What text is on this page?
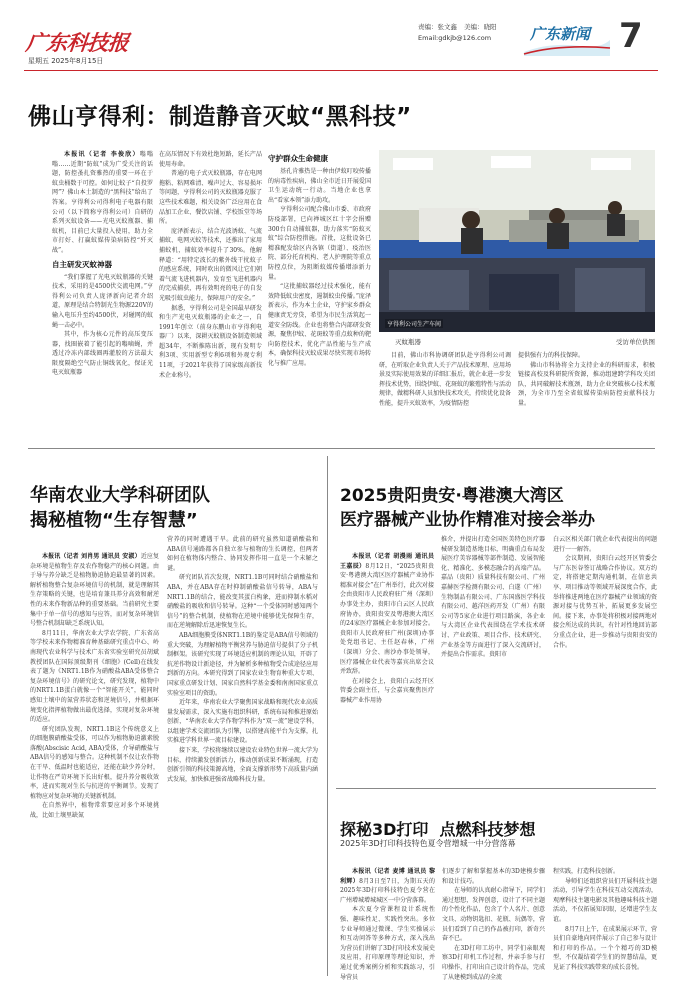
广东科技报
星期五 2025年8月15日
责编：张文鑫 美编：晓阳
Email:gdkjb@126.com	广东新闻 7
佛山亨得利：制造静音灭蚊“黑科技”

本报讯（记者 李俊欣）嗡嗡嗡……近期“防蚊”成为广受关注的话题，防控蚤扎资雅热的重要一环在于蚊虫桶数于可控。如何让蚊子“自投罗网”？佛山本土制造的“黑科技”给出了答案。亨得利公司得利电子电器有限公司（以下简称亨得利公司）自研的系列灭蚊设备——光电灭蚊瓶器、捕蚊机，目前已大量投入使用，助力全市打好、打赢蚊媒传染病防控“歼灭战”。

自主研发灭蚊神器

“我们掌握了光电灭蚊瓶器的关键技术，采用的是4500伏交流电网。”亨得利公司负责人庞泽新向记者介绍道，原理是结合特制光生物源220V的输入电压升至约4500伏，对碰网的蚊蝇一击必中。

其中，作为核心元件的高压变压器，找圈嵌着了能引起的嗡嘀蝇，并透过冷冻内部线圈再灌胶的方法最大限度隔绝空气防止铜线氧化，保证光电灭蚊瓶器

在高压情况下有效杜绝短路，延长产品使用寿命。

普通的电子式灭蚊瓶器，存在电网拖粘、粘网难清、噪声过大、容易损坏等问题，亨得利公司的灭蚊瓶器克服了这些技术难题，相关设备广泛应用在食品加工企业、餐饮店铺、学校饭堂等场所。

庞泽新表示，结合光波诱蚊、气流捕蚊、电网灭蚊等技术，还推出了家用捕蚊机，捕蚊效率提升了30%。他解释道：“用特定波长的紫外线干扰蚊子的感应系统，同时吹出的微风让它们朝着气流飞进机器内，发育至飞进机器内的完成捕获，再有效明亮的电子的自发光吸引蚊虫能力，保障用户的安全。”

据悉，亨得利公司是全国最早研发和生产光电灭蚊瓶器的企业之一，自1991年创立（前身东鹏山市亨得利电器厂）以来，深耕灭蚊瓶设备制造领域超34年，不断推陈出新，现有发明专利3项、实用新型专利6项和外观专利11项，于2021年获得了国家级高新技术企业称号。

守护群众生命健康

基孔肯雅热是一种由伊蚊叮咬传播的病毒性疾病，佛山全市近日开展爱国卫生运动统一行动。当地企业也拿出“看家本领”添力助攻。

亨得利公司配合佛山市委、市政府防疫部署，已向禅城区红十字会捐赠300台自动捕蚊器，助力落实“防蚊灭蚊”综合防控措施。首批，这批设备已精准配发给区内各镇（街道）、疫治医院、部分托育机构、老人护理院等重点防控点位，为阻断蚊媒传播增添新力量。

“这批捕蚊器经过技术强化，能有效降低蚊虫密度，遏制蚊虫传播。”庞泽新表示，作为本土企业，守护家乡群众健康责无旁贷，希望为市民生活筑起一道安全防线。企业也将整合内部研发资源，聚焦伊蚊、花斑蚊等重点蚊种的靶向防控技术，优化产品性能与生产成本，确保科技灭蚊成果尽快实现市场转化与推广应用。

亨得利公司生产车间
灭蚊瓶器	受访单位供图

目前，佛山市科协调研团队赴亨得利公司调研，在听取企业负责人关于产品技术原理、应用场景及实际使用效果的详细汇报后，就企业进一步发挥技术优势，围绕伊蚊、花斑蚊的繁殖特性与活动规律，做精科研人员加快技术攻关，持续优化设备性能，提升灭蚊效率，为疫情防控

提供强有力的科技保障。

佛山市科协将全力支持企业的科研需求，积极链接高校及科研院所资源，推动组建跨学科攻关团队，共同破解技术瓶颈，助力企业突破核心技术瓶颈，为全市乃至全省蚊媒传染病防控贡献科技力量。

华南农业大学科研团队
揭秘植物“生存智慧”

本报讯（记者 刘肖男 通讯员 安淑）近应复杂环境是植物生存及农作物稳产的核心问题。由于导与养分缺乏是植物胁迫胁迫最显著的因素。解析植物整合复杂环境信号的机制，就是理解其生存策略的关键，也是培育兼具养分高效和耐逆性的未来作物新品种的重要基础。当前研究主要集中于单一信号的感知与应答，而对复杂环境信号整合机制却缺乏系统认知。

8月11日，华南农业大学农学院、广东省高等学校未来作物精准育种基础研究重点中心、岭南现代农业科学与技术广东省实验室研究员胡斌教授团队在国际顶级期刊《细胞》(Cell)在线发表了题为《NRT1.1B作为硝酸盐ABA受体整合复杂环境信号》的研究论文，研究发现，植物中的NRT1.1B蛋白就像一个“智能开关”，能同时感知土壤中的氮营养状态和逆境信号，并根据环境变化指挥植物做出最优选择，实现对复杂环境的适应。

研究团队发现，NRT1.1B这个传统意义上的细胞膜硝酸盐受体，可以作为植物胁迫激素脱落酸(Abscisic Acid, ABA)受体，介导硝酸盐与ABA信号的感知与整合。这种机制不仅让农作物在干旱、低温时也能适应，还能在缺少养分时，让作物在严苛环境下长出好根，提升养分吸收效率，进而实现对生长与抗逆的平衡调节。发现了植物应对复杂环境的关键新机制。

在自然界中，植物常常要应对多个环境挑战，比如土壤里缺氮

营养的同时遭遇干旱。此前的研究虽然知道硝酸盐和ABA信号通路都各自独立参与植物的生长调控，但两者如何在植物体内整合、协同发挥作用一直是一个未解之谜。

研究团队首次发现，NRT1.1B可同时结合硝酸盐和ABA，并在ABA存在时抑制硝酸盐信号转导，ABA与NRT1.1B的结合，能改变其蛋白构象，进而抑制水稻对硝酸盐的吸收和信号转导。这种“一个受体同时感知两个信号”的整合机制，使植物在逆境中能够优先保障生存，而在逆境解除后迅速恢复生长。

ABA细胞膜受体NRT1.1B的鉴定是ABA信号领域的重大突破，为理解植物平衡营养与胁迫信号提供了分子机制框架。该研究实现了环境适应机制的理论认知，开辟了抗逆作物设计新途径，并为解析多种植物受合成途径应用到新的方向。本研究得到了国家农业生物育种重大专项、国家重点研发计划、国家自然科学基金委和南南国家重点实验室项目的资助。

近年来，华南农业大学聚焦国家战略和现代农业高质量发展需求，深入实施有组织科研，系统布局和推进原始创新，“华南农业大学作物学科作为“双一流”建设学科，以组建学术交流团队为引擎，以搭建高能平台为支撑，扎实推进学科世界一流目标建设。

接下来，学校将继续以建设农业特色世界一流大学为目标，持续激发创新活力，推动创新成果不断涌现，打造创新引领的科技策源高地，全面支撑新形势下高质量内涵式发展，加快推进强省战略科技力量。

2025贵阳贵安·粤港澳大湾区
医疗器械产业协作精准对接会举办

本报讯（记者 胡漫雨 通讯员 王嘉辰）8月12日，“2025贵阳贵安·粤港澳大湾区医疗器械产业协作精准对接会”在广州举行，此次对接会由贵阳市人民政府驻广州（深圳）办事处主办，贵阳市白云区人民政府协办，贵阳贵安及粤港澳大湾区的24家医疗器械企业参加对接会。贵阳市人民政府驻广州(深圳)办事处党组书记、主任赵春林，广州（深圳）分会、南沙办事处领导，医疗器械企业代表等嘉宾出席会议并致辞。

在对接会上，贵阳白云经开区管委会副主任，与会嘉宾聚焦医疗器械产业作用协

推介，并提出打造全国医美特色医疗器械研发制造基地目标，明确重点布局发展医疗美容器械等部件制造、发展智能化、精准化、多模态融合的高端产品。嘉品（贵阳）质量科技有限公司、广州嘉赫医学检测有限公司、白遂（广州）生物制品有限公司、广东国盛医学科技有限公司、越洋医药开发（广州）有限公司等5家企业进行项目路演，各企业与大湾区企业代表围绕在学术技术研讨、产业政策、项目合作、技术研究、产业基金等方面进行了深入交流研讨，并提出合作需求。贵阳市

白云区相关部门就企业代表提出的问题进行一一解答。

会议期间，贵阳白云经开区管委会与广东医谷签订战略合作协议。双方约定，将搭建定期沟通机制，在信息共享、项目推动等领域开展深度合作，此举将推进两地在医疗器械产业领域的资源对接与优势互补，拓展更多发展空间。接下来，办事处将积极对接两地对接会所达成的共识，有针对性地回访部分重点企业，进一步推动与贵阳贵安的合作。

探秘3D打印  点燃科技梦想
2025年3D打印科技特色夏令营增城一中分营落幕

本报讯（记者 麦博 通讯员 黎利辉）8月3日至7日，为期五天的2025年3D打印科技特色夏令营在广州增城增城城区一中分营落幕。

本次夏令营课程设计系统性强、趣味性足、实践性突出。多位专业导师通过微课、学生实操展示和互动问答等多种方式，深入浅出为营员们讲解了3D打印技术发展史及应用，打印原理等理论知识，并通过优秀案例分析和实践练习，引导营员

们逐步了解和掌握基本的3D建模步骤和设计技巧。

在导师的认真耐心指导下，同学们通过想想，发挥创意，设计了不同主题的个性化作品，包含了个人名片、创意文具、动物钥匙扣、花瓶、玩偶等，营员们看到了自己的作品被打印，新奇兴奋不已。

在3D打印工坊中，同学们亲眼观察3D打印机工作过程，并亲手参与打印操作，打印出自己设计的作品，完成了从建模到成品的全流

程实践，打造科技创新。

导师们还组织营员们开展科技主题活动，引导学生在科技互动交流活动，观摩科技主题电影及其他趣味科技主题活动，不仅拓展知识眼，还增进学生友谊。

8月7日上午，在成果展示环节，营员们自豪地向同伴展示了自己参与设计和打印的作品。一个个精巧的3D模型，不仅凝结着学生们的智慧结晶，更见证了科技实践带来的成长喜悦。
